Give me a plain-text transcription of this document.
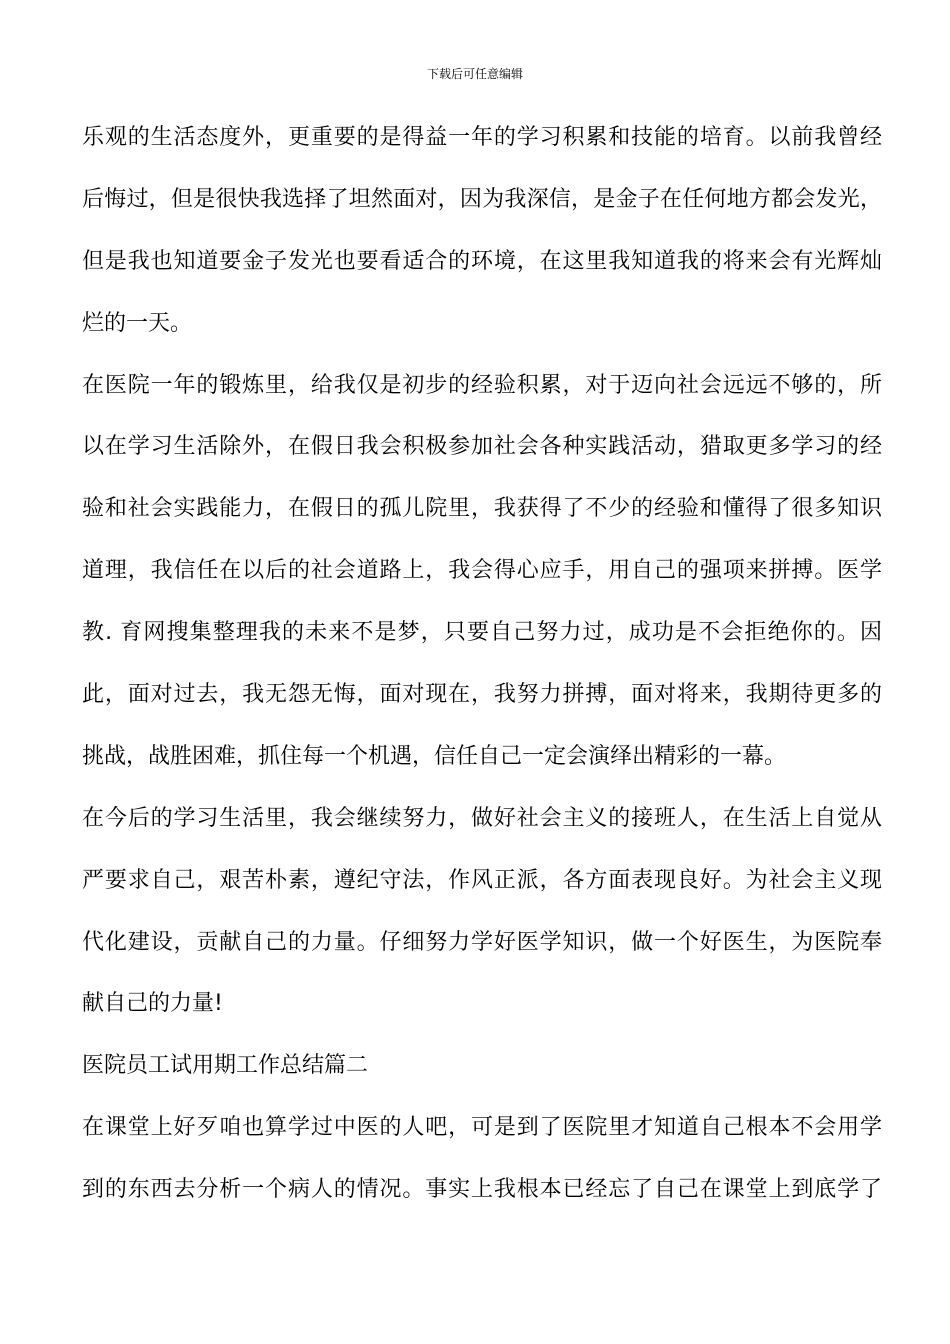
下载后可任意编辑
乐观的生活态度外，更重要的是得益一年的学习积累和技能的培育。以前我曾经
后悔过，但是很快我选择了坦然面对，因为我深信，是金子在任何地方都会发光，
但是我也知道要金子发光也要看适合的环境，在这里我知道我的将来会有光辉灿
烂的一天。
在医院一年的锻炼里，给我仅是初步的经验积累，对于迈向社会远远不够的，所
以在学习生活除外，在假日我会积极参加社会各种实践活动，猎取更多学习的经
验和社会实践能力，在假日的孤儿院里，我获得了不少的经验和懂得了很多知识
道理，我信任在以后的社会道路上，我会得心应手，用自己的强项来拼搏。医学
教. 育网搜集整理我的未来不是梦，只要自己努力过，成功是不会拒绝你的。因
此，面对过去，我无怨无悔，面对现在，我努力拼搏，面对将来，我期待更多的
挑战，战胜困难，抓住每一个机遇，信任自己一定会演绎出精彩的一幕。
在今后的学习生活里，我会继续努力，做好社会主义的接班人，在生活上自觉从
严要求自己，艰苦朴素，遵纪守法，作风正派，各方面表现良好。为社会主义现
代化建设，贡献自己的力量。仔细努力学好医学知识，做一个好医生，为医院奉
献自己的力量!
医院员工试用期工作总结篇二
在课堂上好歹咱也算学过中医的人吧，可是到了医院里才知道自己根本不会用学
到的东西去分析一个病人的情况。事实上我根本已经忘了自己在课堂上到底学了
